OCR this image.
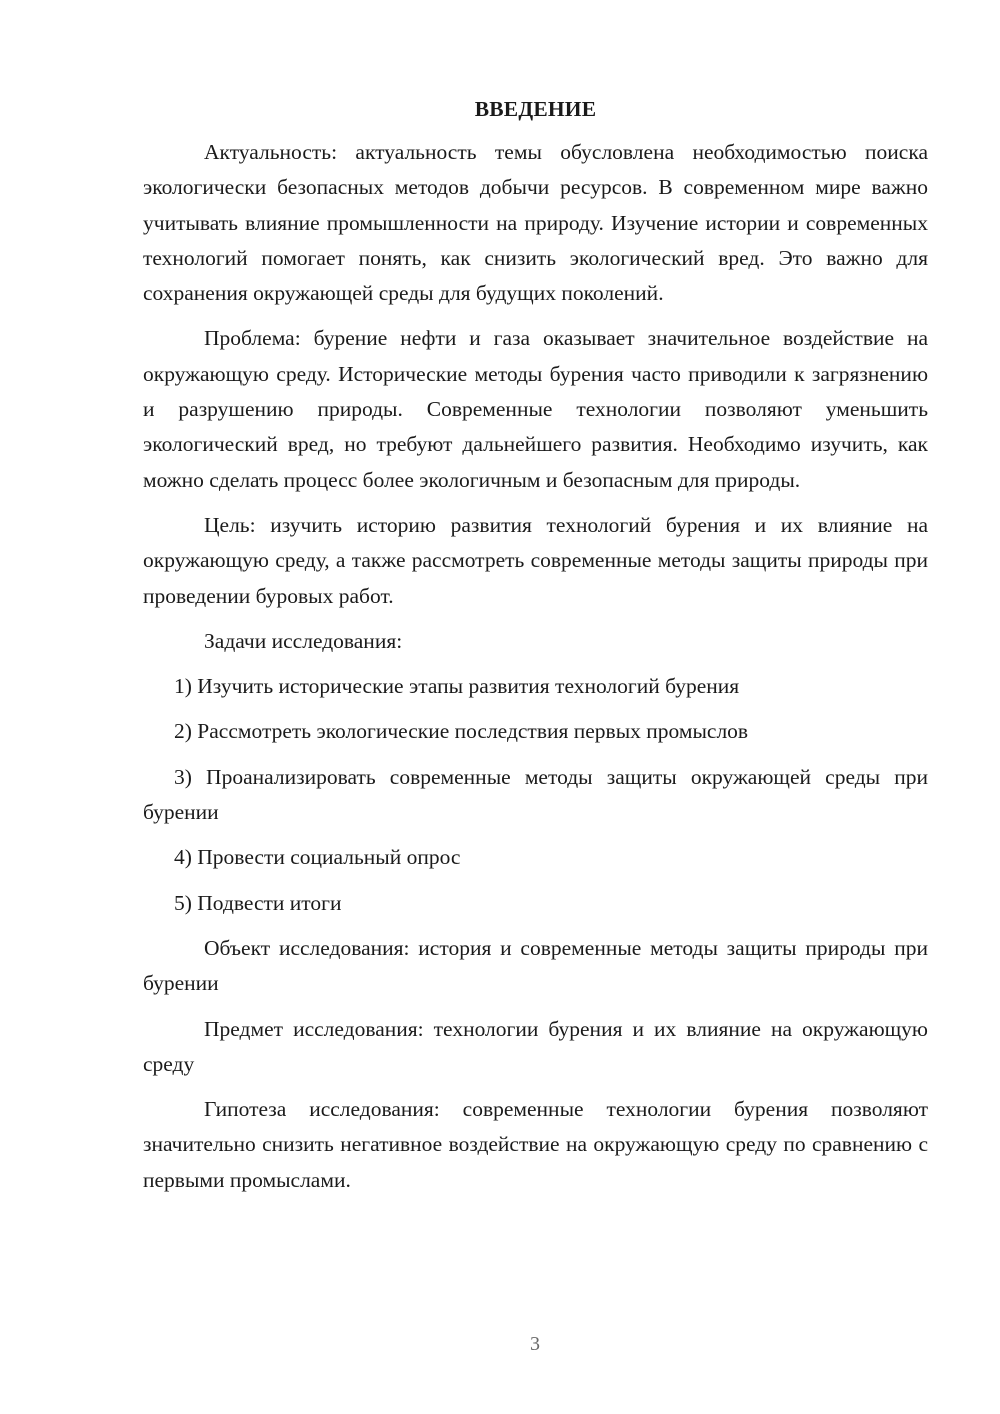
ВВЕДЕНИЕ

Актуальность: актуальность темы обусловлена необходимостью поиска экологически безопасных методов добычи ресурсов. В современном мире важно учитывать влияние промышленности на природу. Изучение истории и современных технологий помогает понять, как снизить экологический вред. Это важно для сохранения окружающей среды для будущих поколений.

Проблема: бурение нефти и газа оказывает значительное воздействие на окружающую среду. Исторические методы бурения часто приводили к загрязнению и разрушению природы. Современные технологии позволяют уменьшить экологический вред, но требуют дальнейшего развития. Необходимо изучить, как можно сделать процесс более экологичным и безопасным для природы.

Цель: изучить историю развития технологий бурения и их влияние на окружающую среду, а также рассмотреть современные методы защиты природы при проведении буровых работ.

Задачи исследования:

1) Изучить исторические этапы развития технологий бурения

2) Рассмотреть экологические последствия первых промыслов

3) Проанализировать современные методы защиты окружающей среды при бурении

4) Провести социальный опрос

5) Подвести итоги

Объект исследования: история и современные методы защиты природы при бурении

Предмет исследования: технологии бурения и их влияние на окружающую среду

Гипотеза исследования: современные технологии бурения позволяют значительно снизить негативное воздействие на окружающую среду по сравнению с первыми промыслами.

3
